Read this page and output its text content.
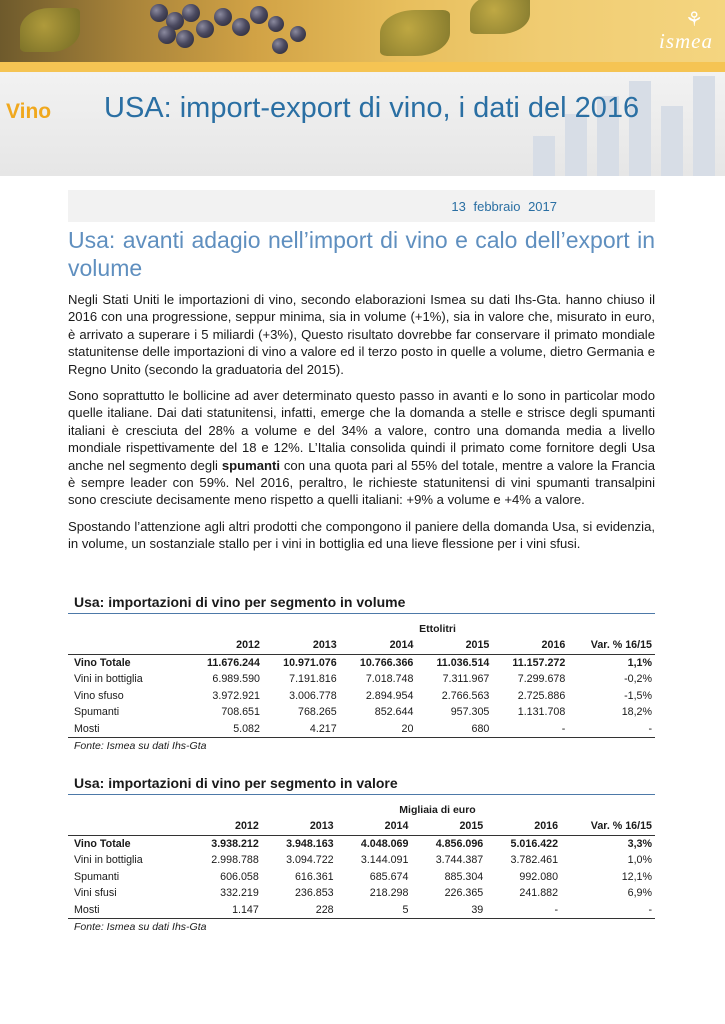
⚘
ismea
Vino USA: import-export di vino, i dati del 2016
13 febbraio 2017
Usa: avanti adagio nell’import di vino e calo dell’export in volume

Negli Stati Uniti le importazioni di vino, secondo elaborazioni Ismea su dati Ihs-Gta. hanno chiuso il 2016 con una progressione, seppur minima, sia in volume (+1%), sia in valore che, misurato in euro, è arrivato a superare i 5 miliardi (+3%), Questo risultato dovrebbe far conservare il primato mondiale statunitense delle importazioni di vino a valore ed il terzo posto in quelle a volume, dietro Germania e Regno Unito (secondo la graduatoria del 2015).

Sono soprattutto le bollicine ad aver determinato questo passo in avanti e lo sono in particolar modo quelle italiane. Dai dati statunitensi, infatti, emerge che la domanda a stelle e strisce degli spumanti italiani è cresciuta del 28% a volume e del 34% a valore, contro una domanda media a livello mondiale rispettivamente del 18 e 12%. L’Italia consolida quindi il primato come fornitore degli Usa anche nel segmento degli spumanti con una quota pari al 55% del totale, mentre a valore la Francia è sempre leader con 59%. Nel 2016, peraltro, le richieste statunitensi di vini spumanti transalpini sono cresciute decisamente meno rispetto a quelli italiani: +9% a volume e +4% a valore.

Spostando l’attenzione agli altri prodotti che compongono il paniere della domanda Usa, si evidenzia, in volume, un sostanziale stallo per i vini in bottiglia ed una lieve flessione per i vini sfusi.

Usa: importazioni di vino per segmento in volume
Ettolitri
	2012	2013	2014	2015	2016	Var. % 16/15
Vino Totale	11.676.244	10.971.076	10.766.366	11.036.514	11.157.272	1,1%
Vini in bottiglia	6.989.590	7.191.816	7.018.748	7.311.967	7.299.678	-0,2%
Vino sfuso	3.972.921	3.006.778	2.894.954	2.766.563	2.725.886	-1,5%
Spumanti	708.651	768.265	852.644	957.305	1.131.708	18,2%
Mosti	5.082	4.217	20	680	-	-
Fonte: Ismea su dati Ihs-Gta
Usa: importazioni di vino per segmento in valore
Migliaia di euro
	2012	2013	2014	2015	2016	Var. % 16/15
Vino Totale	3.938.212	3.948.163	4.048.069	4.856.096	5.016.422	3,3%
Vini in bottiglia	2.998.788	3.094.722	3.144.091	3.744.387	3.782.461	1,0%
Spumanti	606.058	616.361	685.674	885.304	992.080	12,1%
Vini sfusi	332.219	236.853	218.298	226.365	241.882	6,9%
Mosti	1.147	228	5	39	-	-
Fonte: Ismea su dati Ihs-Gta
